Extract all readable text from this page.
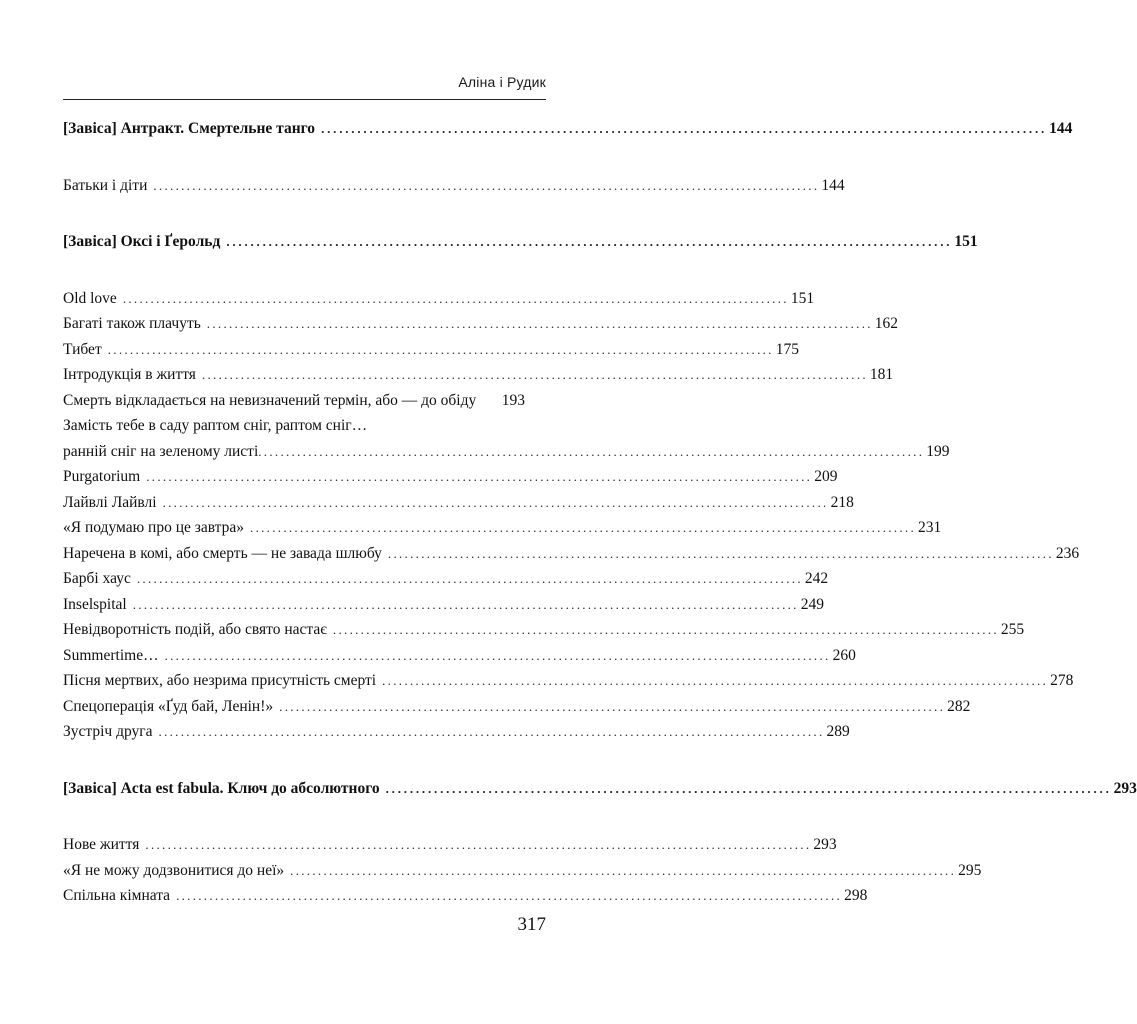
Аліна і Рудик
[Завіса] Антракт. Смертельне танго ........................................................................................................................ 144
Батьки і діти ........................................................................................................................ 144
[Завіса] Оксі і Ґерольд ........................................................................................................................ 151
Old love ........................................................................................................................ 151
Багаті також плачуть ........................................................................................................................ 162
Тибет ........................................................................................................................ 175
Інтродукція в життя ........................................................................................................................ 181
Смерть відкладається на невизначений термін, або — до обіду	193
Замість тебе в саду раптом сніг, раптом сніг…
ранній сніг на зеленому листі ........................................................................................................................ 199
Purgatorium ........................................................................................................................ 209
Лайвлі Лайвлі ........................................................................................................................ 218
«Я подумаю про це завтра» ........................................................................................................................ 231
Наречена в комі, або смерть — не завада шлюбу ........................................................................................................................ 236
Барбі хаус ........................................................................................................................ 242
Inselspital ........................................................................................................................ 249
Невідворотність подій, або свято настає ........................................................................................................................ 255
Summertime… ........................................................................................................................ 260
Пісня мертвих, або незрима присутність смерті ........................................................................................................................ 278
Спецоперація «Ґуд бай, Ленін!» ........................................................................................................................ 282
Зустріч друга ........................................................................................................................ 289
[Завіса] Acta est fabula. Ключ до абсолютного ........................................................................................................................ 293
Нове життя ........................................................................................................................ 293
«Я не можу додзвонитися до неї» ........................................................................................................................ 295
Спільна кімната ........................................................................................................................ 298
317
